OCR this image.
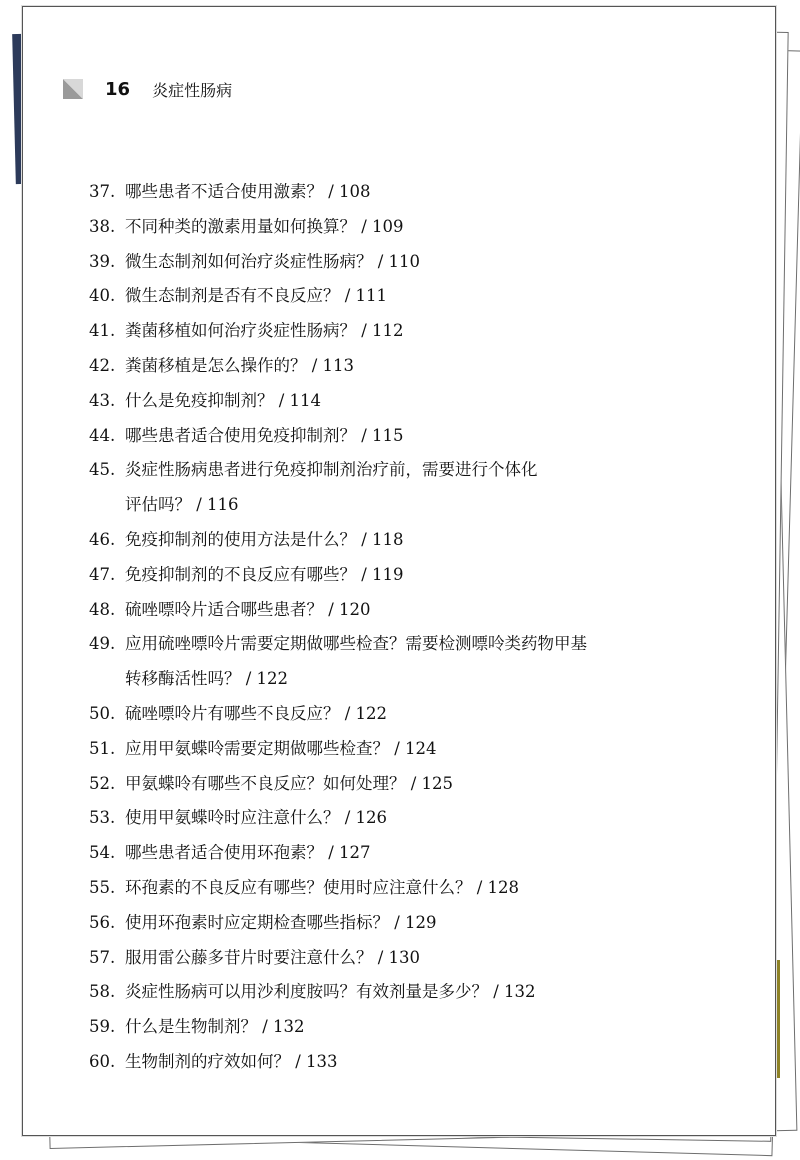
16 炎症性肠病
37. 哪些患者不适合使用激素？ / 108
38. 不同种类的激素用量如何换算？ / 109
39. 微生态制剂如何治疗炎症性肠病？ / 110
40. 微生态制剂是否有不良反应？ / 111
41. 粪菌移植如何治疗炎症性肠病？ / 112
42. 粪菌移植是怎么操作的？ / 113
43. 什么是免疫抑制剂？ / 114
44. 哪些患者适合使用免疫抑制剂？ / 115
45. 炎症性肠病患者进行免疫抑制剂治疗前，需要进行个体化
评估吗？ / 116
46. 免疫抑制剂的使用方法是什么？ / 118
47. 免疫抑制剂的不良反应有哪些？ / 119
48. 硫唑嘌呤片适合哪些患者？ / 120
49. 应用硫唑嘌呤片需要定期做哪些检查？需要检测嘌呤类药物甲基
转移酶活性吗？ / 122
50. 硫唑嘌呤片有哪些不良反应？ / 122
51. 应用甲氨蝶呤需要定期做哪些检查？ / 124
52. 甲氨蝶呤有哪些不良反应？如何处理？ / 125
53. 使用甲氨蝶呤时应注意什么？ / 126
54. 哪些患者适合使用环孢素？ / 127
55. 环孢素的不良反应有哪些？使用时应注意什么？ / 128
56. 使用环孢素时应定期检查哪些指标？ / 129
57. 服用雷公藤多苷片时要注意什么？ / 130
58. 炎症性肠病可以用沙利度胺吗？有效剂量是多少？ / 132
59. 什么是生物制剂？ / 132
60. 生物制剂的疗效如何？ / 133
